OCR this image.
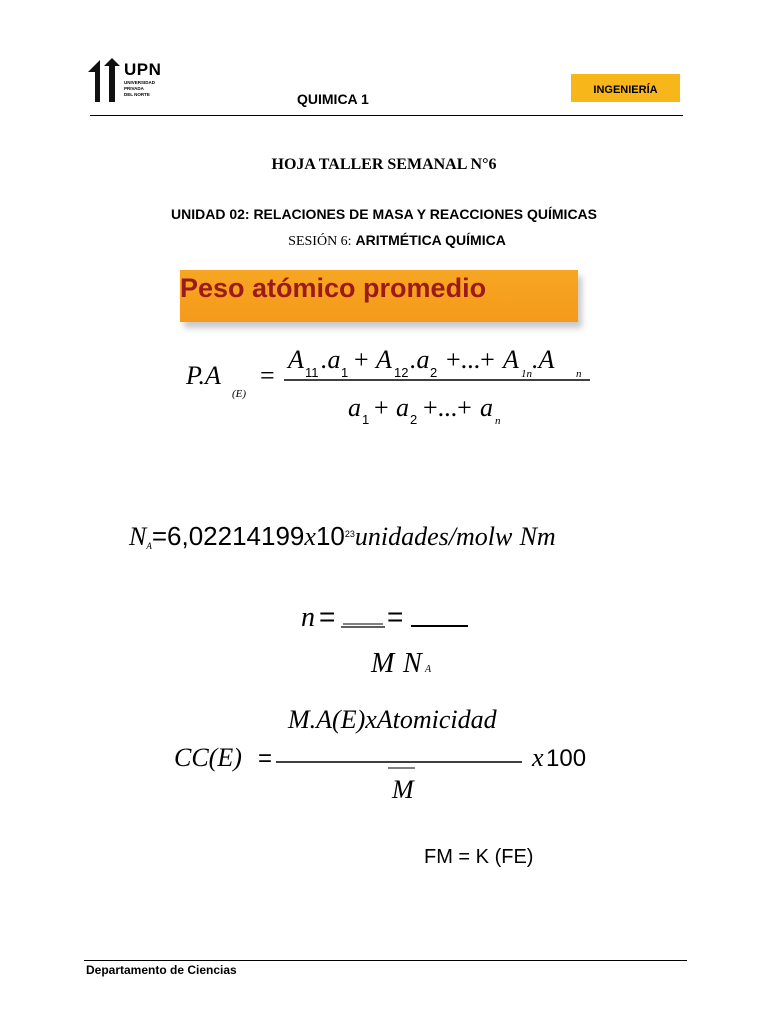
UPN
UNIVERSIDAD
PRIVADA
DEL NORTE	QUIMICA 1
INGENIERÍA
HOJA TALLER SEMANAL N°6
UNIDAD 02: RELACIONES DE MASA Y REACCIONES QUÍMICAS
SESIÓN 6: ARITMÉTICA QUÍMICA
Peso atómico promedio
P.A
(E)
=
A 11 .a 1 + A 12 .a 2 +...+ A 1n .A n
a 1 + a 2 +...+ a n
$N_A=6,02214199x10^{23}unidades$/molw Nm
n = =
M N A
M.A(E)xAtomicidad
CC(E) =	x 100
M
FM = K (FE)
Departamento de Ciencias
